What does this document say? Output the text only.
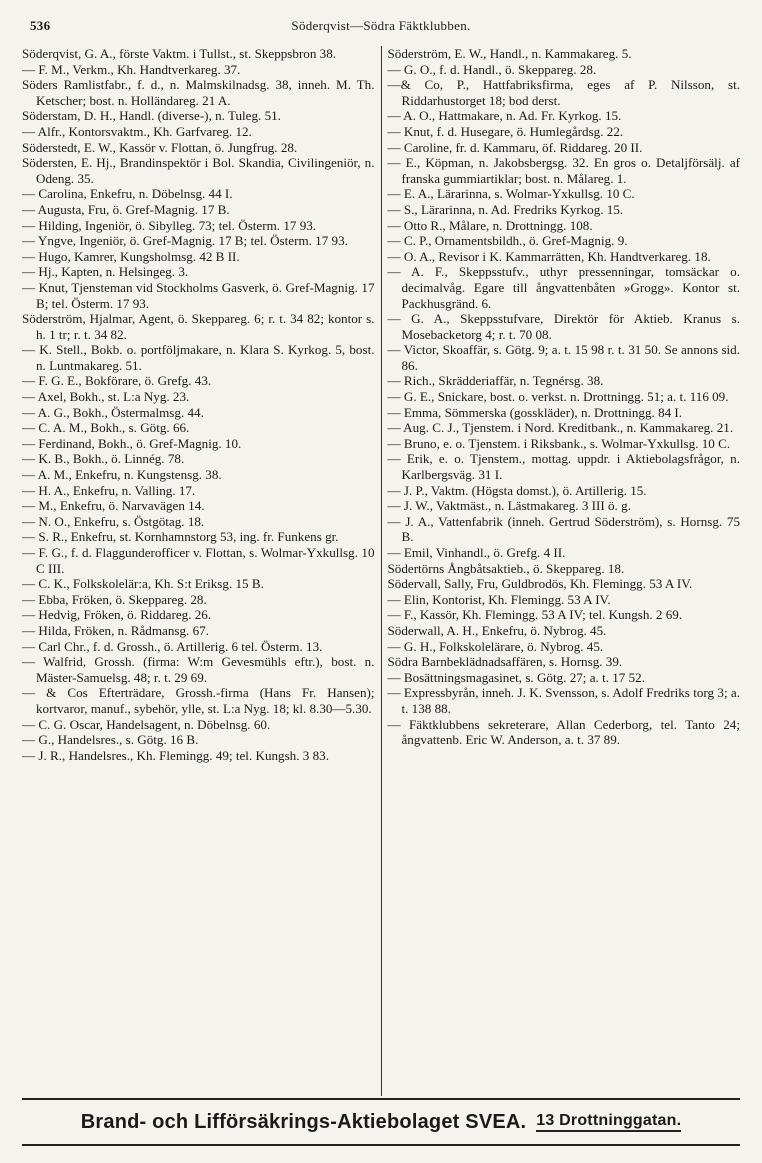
536	Söderqvist—Södra Fäktklubben.

Söderqvist, G. A., förste Vaktm. i Tullst., st. Skeppsbron 38.

— F. M., Verkm., Kh. Handtverkareg. 37.

Söders Ramlistfabr., f. d., n. Malmskilnadsg. 38, inneh. M. Th. Ketscher; bost. n. Holländareg. 21 A.

Söderstam, D. H., Handl. (diverse-), n. Tuleg. 51.

— Alfr., Kontorsvaktm., Kh. Garfvareg. 12.

Söderstedt, E. W., Kassör v. Flottan, ö. Jungfrug. 28.

Södersten, E. Hj., Brandinspektör i Bol. Skandia, Civilingeniör, n. Odeng. 35.

— Carolina, Enkefru, n. Döbelnsg. 44 I.

— Augusta, Fru, ö. Gref-Magnig. 17 B.

— Hilding, Ingeniör, ö. Sibylleg. 73; tel. Österm. 17 93.

— Yngve, Ingeniör, ö. Gref-Magnig. 17 B; tel. Österm. 17 93.

— Hugo, Kamrer, Kungsholmsg. 42 B II.

— Hj., Kapten, n. Helsingeg. 3.

— Knut, Tjensteman vid Stockholms Gasverk, ö. Gref-Magnig. 17 B; tel. Österm. 17 93.

Söderström, Hjalmar, Agent, ö. Skeppareg. 6; r. t. 34 82; kontor s. h. 1 tr; r. t. 34 82.

— K. Stell., Bokb. o. portföljmakare, n. Klara S. Kyrkog. 5, bost. n. Luntmakareg. 51.

— F. G. E., Bokförare, ö. Grefg. 43.

— Axel, Bokh., st. L:a Nyg. 23.

— A. G., Bokh., Östermalmsg. 44.

— C. A. M., Bokh., s. Götg. 66.

— Ferdinand, Bokh., ö. Gref-Magnig. 10.

— K. B., Bokh., ö. Linnég. 78.

— A. M., Enkefru, n. Kungstensg. 38.

— H. A., Enkefru, n. Valling. 17.

— M., Enkefru, ö. Narvavägen 14.

— N. O., Enkefru, s. Östgötag. 18.

— S. R., Enkefru, st. Kornhamnstorg 53, ing. fr. Funkens gr.

— F. G., f. d. Flaggunderofficer v. Flottan, s. Wolmar-Yxkullsg. 10 C III.

— C. K., Folkskolelär:a, Kh. S:t Eriksg. 15 B.

— Ebba, Fröken, ö. Skeppareg. 28.

— Hedvig, Fröken, ö. Riddareg. 26.

— Hilda, Fröken, n. Rådmansg. 67.

— Carl Chr., f. d. Grossh., ö. Artillerig. 6 tel. Österm. 13.

— Walfrid, Grossh. (firma: W:m Gevesmühls eftr.), bost. n. Mäster-Samuelsg. 48; r. t. 29 69.

— & Cos Efterträdare, Grossh.-firma (Hans Fr. Hansen); kortvaror, manuf., sybehör, ylle, st. L:a Nyg. 18; kl. 8.30—5.30.

— C. G. Oscar, Handelsagent, n. Döbelnsg. 60.

— G., Handelsres., s. Götg. 16 B.

— J. R., Handelsres., Kh. Flemingg. 49; tel. Kungsh. 3 83.

Söderström, E. W., Handl., n. Kammakareg. 5.

— G. O., f. d. Handl., ö. Skeppareg. 28.

—& Co, P., Hattfabriksfirma, eges af P. Nilsson, st. Riddarhustorget 18; bod derst.

— A. O., Hattmakare, n. Ad. Fr. Kyrkog. 15.

— Knut, f. d. Husegare, ö. Humlegårdsg. 22.

— Caroline, fr. d. Kammaru, öf. Riddareg. 20 II.

— E., Köpman, n. Jakobsbergsg. 32. En gros o. Detaljförsälj. af franska gummiartiklar; bost. n. Målareg. 1.

— E. A., Lärarinna, s. Wolmar-Yxkullsg. 10 C.

— S., Lärarinna, n. Ad. Fredriks Kyrkog. 15.

— Otto R., Målare, n. Drottningg. 108.

— C. P., Ornamentsbildh., ö. Gref-Magnig. 9.

— O. A., Revisor i K. Kammarrätten, Kh. Handtverkareg. 18.

— A. F., Skeppsstufv., uthyr pressenningar, tomsäckar o. decimalvåg. Egare till ångvattenbåten »Grogg». Kontor st. Packhusgränd. 6.

— G. A., Skeppsstufvare, Direktör för Aktieb. Kranus s. Mosebacketorg 4; r. t. 70 08.

— Victor, Skoaffär, s. Götg. 9; a. t. 15 98 r. t. 31 50. Se annons sid. 86.

— Rich., Skrädderiaffär, n. Tegnérsg. 38.

— G. E., Snickare, bost. o. verkst. n. Drottningg. 51; a. t. 116 09.

— Emma, Sömmerska (gosskläder), n. Drottningg. 84 I.

— Aug. C. J., Tjenstem. i Nord. Kreditbank., n. Kammakareg. 21.

— Bruno, e. o. Tjenstem. i Riksbank., s. Wolmar-Yxkullsg. 10 C.

— Erik, e. o. Tjenstem., mottag. uppdr. i Aktiebolagsfrågor, n. Karlbergsväg. 31 I.

— J. P., Vaktm. (Högsta domst.), ö. Artillerig. 15.

— J. W., Vaktmäst., n. Lästmakareg. 3 III ö. g.

— J. A., Vattenfabrik (inneh. Gertrud Söderström), s. Hornsg. 75 B.

— Emil, Vinhandl., ö. Grefg. 4 II.

Södertörns Ångbåtsaktieb., ö. Skeppareg. 18.

Södervall, Sally, Fru, Guldbrodös, Kh. Flemingg. 53 A IV.

— Elin, Kontorist, Kh. Flemingg. 53 A IV.

— F., Kassör, Kh. Flemingg. 53 A IV; tel. Kungsh. 2 69.

Söderwall, A. H., Enkefru, ö. Nybrog. 45.

— G. H., Folkskolelärare, ö. Nybrog. 45.

Södra Barnbeklädnadsaffären, s. Hornsg. 39.

— Bosättningsmagasinet, s. Götg. 27; a. t. 17 52.

— Expressbyrån, inneh. J. K. Svensson, s. Adolf Fredriks torg 3; a. t. 138 88.

— Fäktklubbens sekreterare, Allan Cederborg, tel. Tanto 24; ångvattenb. Eric W. Anderson, a. t. 37 89.

Brand- och Lifförsäkrings-Aktiebolaget SVEA. 13 Drottninggatan.
